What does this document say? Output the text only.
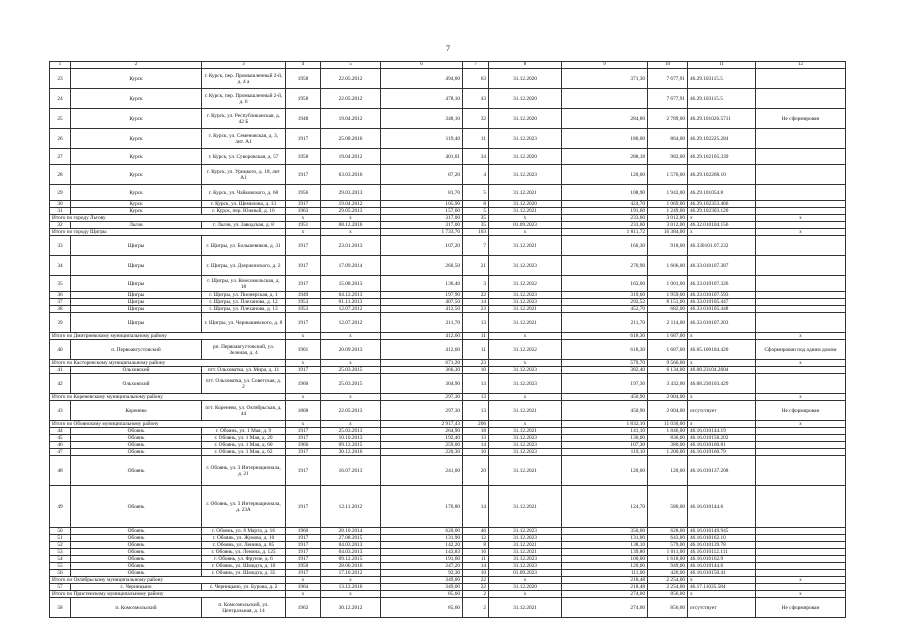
7
1	2	3	4	5	6	7	8	9	10	11	12
23	Курск	г. Курск, пер. Промышленный 2-й, д. 4 а	1958	22.05.2012	494,00	63	31.12.2020	371,30	7 677,91	46.29.103115.5	
24	Курск	г. Курск, пер. Промышленный 2-й, д. 6	1958	22.05.2012	478,10	43	31.12.2020		7 677,91	46.29.103115.5	
25	Курск	г. Курск, ул. Республиканская, д. 42 Б	1948	19.04.2012	348,10	32	31.12.2020	284,80	2 789,00	46.29.101026.5711	Не сформирован
26	Курск	г. Курск, ул. Семеновская, д. 3, лит. А1	1917	25.08.2016	119,40	11	31.12.2023	180,00	864,00	46.29.102225.284	
27	Курск	г. Курск, ул. Суворовская, д. 57	1958	19.04.2012	401,01	34	31.12.2020	288,18	982,00	46.29.102105.339	
28	Курск	г. Курск, ул. Урицкого, д. 18, лит А1	1917	03.03.2016	87,20	4	31.12.2023	120,00	1 576,00	46.29.102268.10	
29	Курск	г. Курск, ул. Чайковского, д. 68	1956	29.03.2013	81,70	5	31.12.2021	108,90	1 943,00	46.29.101054.8	
30	Курск	г. Курск, ул. Щемилова, д. 13	1917	19.04.2012	105,90	8	31.12.2020	424,70	1 069,00	46.29.102353.466	
31	Курск	г. Курск, пер. Южный, д. 16	1963	29.05.2013	157,60	5	31.12.2021	191,60	1 249,00	46.29.102303.120	
Итого по городу Льгову			x	x	317,00	35	x	233,60	3 012,00	x	x
32	Льгов	г. Льгов, ул. Заводская, д. 8	1951	08.12.2016	317,00	35	01.09.2023	233,60	3 012,00	46.32.010104.156	
Итого по городу Щигры			x	x	1 733,70	103	x	1 811,72	16 384,00	x	x
33	Щигры	г. Щигры, ул. Большевиков, д. 31	1917	23.01.2013	107,20	7	31.12.2021	160,30	918,00	46.330101.07.232	
34	Щигры	г. Щигры, ул. Дзержинского, д. 2	1917	17.09.2014	260,50	21	31.12.2023	270,90	1 666,00	46.33.010107.387	
35	Щигры	г. Щигры, ул. Комсомольская, д. 18	1917	15.08.2013	136,40	3	31.12.2022	163,00	1 001,00	46.33.010107.326	
36	Щигры	г. Щигры, ул. Пионерская, д. 1	1949	04.12.2013	197,90	22	31.12.2023	319,60	1 959,00	46.33.010107.593	
37	Щигры	г. Щигры, ул. Плеханова, д. 12	1953	01.11.2013	407,50	14	31.12.2023	292,52	8 151,00	46.33.010105.447	
38	Щигры	г. Щигры, ул. Плеханова, д. 13	1953	12.07.2012	412,50	23	31.12.2021	453,70	682,00	46.33.010105.448	
39	Щигры	г. Щигры, ул. Чернышевского, д. 8	1917	12.07.2012	211,70	13	31.12.2021	211,70	2 114,00	46.33.010107.203	
Итого по Дмитриевскому муниципальному району			x	x	412,60	11	x	618,30	1 687,00	x	x
40	п. Первоавгустовский	рп. Первоавгустовский, ул. Зеленая, д. 4	1901	20.09.2013	412,60	11	31.12.2022	618,30	1 687,00	46.05.100104.420	Сформирован под одним домом
Итого по Касторенскому муниципальному району			x	x	671,20	23	x	579,70	9 566,00	x	x
41	Ольховский	пгт. Ольховатка, ул. Мира, д. 11	1917	25.03.2015	366,30	10	31.12.2023	382,40	6 134,00	46.08.23104.2604	
42	Ольховский	пгт. Ольховатка, ул. Советская, д. 2	1960	25.03.2015	304,90	13	31.12.2023	197,30	3 432,00	46.08.230103.429	
Итого по Кореневскому муниципальному району			x	x	297,30	13	x	450,90	2 004,00	x	x
43	Коренево	пгт. Коренево, ул. Октябрьская, д. 44	1868	22.05.2013	297,30	13	31.12.2021	450,90	2 004,00	отсутствует	Не сформирован
Итого по Обоянскому муниципальному району			x	x	2 917,43	206	x	1 832,10	11 030,00	x	x
44	Обоянь	г. Обоянь, ул. 1 Мая, д. 9	1917	25.03.2013	264,90	18	31.12.2021	141,10	1 846,00	46.16.010144.19	
45	Обоянь	г. Обоянь, ул. 1 Мая, д. 20	1917	10.10.2013	192,40	13	31.12.2023	130,00	836,00	46.16.010158.202	
46	Обоянь	г. Обоянь, ул. 1 Мая, д. 60	1966	09.12.2015	259,00	14	31.12.2023	107,30	380,00	46.16.010160.81	
47	Обоянь	г. Обоянь, ул. 1 Мая, д. 62	1917	30.12.2016	220,30	10	31.12.2023	119,10	1 200,00	46.16.010160.79	
48	Обоянь	г. Обоянь, ул. 3 Интернационала, д. 21	1917	16.07.2013	241,00	20	31.12.2021	120,00	120,00	46.16.010137.208	
49	Обоянь	г. Обоянь, ул. 3 Интернационала, д. 23А	1917	12.11.2012	170,80	14	31.12.2021	124,70	580,00	46.16.010144.6	
50	Обоянь	г. Обоянь, ул. 8 Марта, д. 16	1960	28.10.2014	620,00	46	31.12.2023	350,00	628,00	46.16.010149.945	
51	Обоянь	г. Обоянь, ул. Жукова, д. 10	1917	27.08.2015	131,90	12	31.12.2023	131,00	643,00	46.16.010162.10	
52	Обоянь	г. Обоянь, ул. Ленина, д. 85	1917	04.03.2013	142,20	8	31.12.2021	138,10	579,00	46.16.010139.78	
53	Обоянь	г. Обоянь, ул. Ленина, д. 125	1917	04.03.2013	143,83	16	31.12.2021	139,80	1 011,00	46.16.010112.111	
54	Обоянь	г. Обоянь, ул. Фрунзе, д. 6	1917	09.12.2015	191,60	11	31.12.2023	100,00	1 618,00	46.16.010162.9	
55	Обоянь	г. Обоянь, ул. Шмидта, д. 10	1950	28.06.2016	247,20	14	31.12.2023	120,00	949,00	46.16.010144.6	
56	Обоянь	г. Обоянь, ул. Шмидта, д. 35	1917	17.10.2012	92,30	10	01.09.2023	111,00	420,00	46.16.010150.41	
Итого по Октябрьскому муниципальному району			x	x	349,00	22	x	218,48	2 254,00	x	x
57	с. Черницыно	с. Черницыно, ул. Бурова, д. 2	1964	13.12.2016	349,00	22	31.12.2020	218,48	2 254,00	46.17.11035.584	
Итого по Пристенскому муниципальному району			x	x	85,60	2	x	274,00	856,00	x	x
58	п. Комсомольский	п. Комсомольский, ул. Центральная, д. 14	1962	30.12.2012	85,60	2	31.12.2021	274,00	856,00	отсутствует	Не сформирован
